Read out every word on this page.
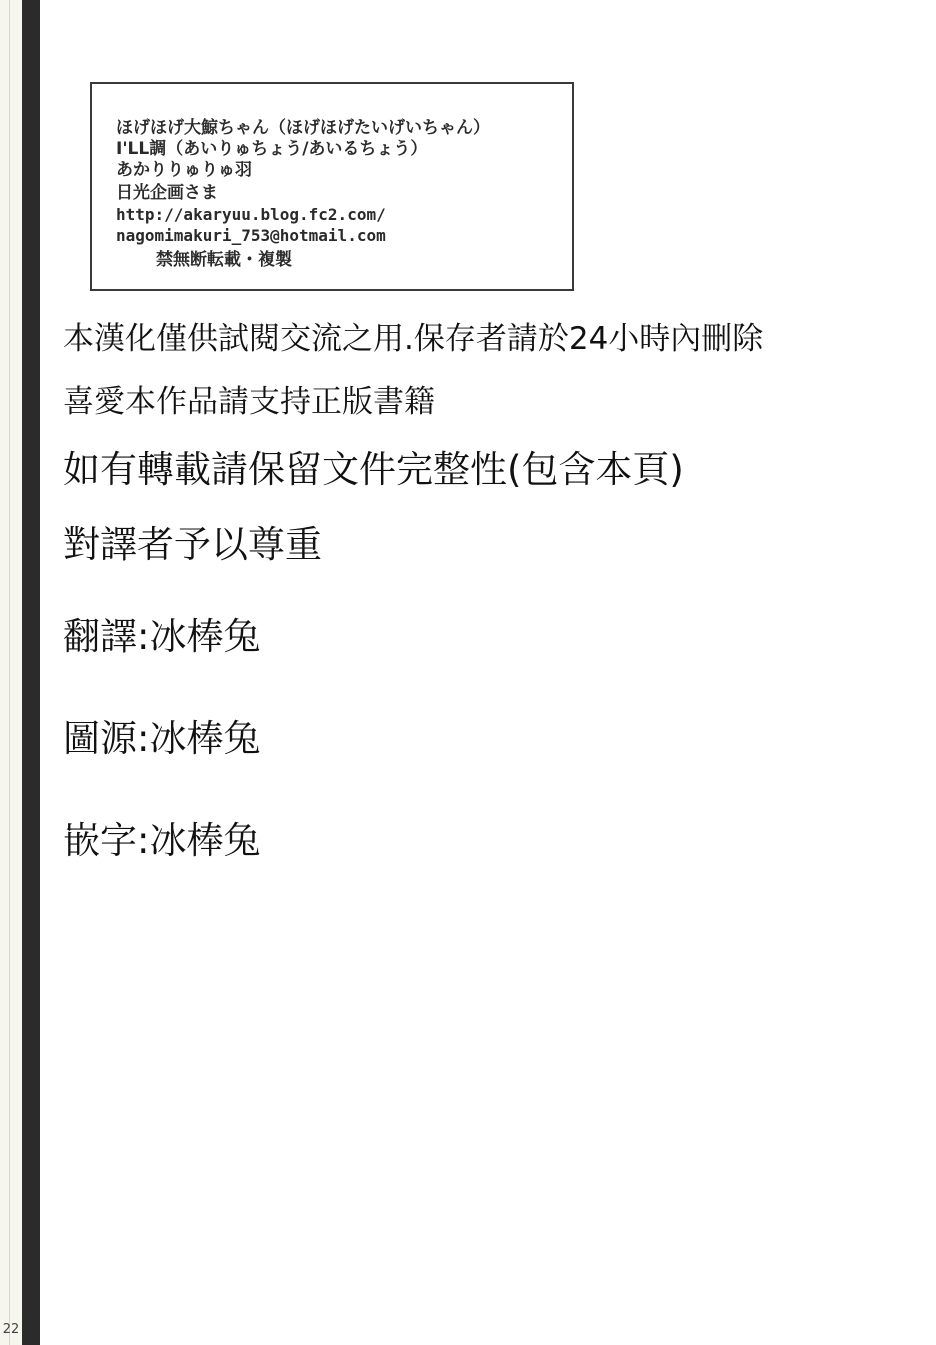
22
ほげほげ大鯨ちゃん（ほげほげたいげいちゃん）
I'LL調（あいりゅちょう/あいるちょう）
あかりりゅりゅ羽
日光企画さま
http://akaryuu.blog.fc2.com/
nagomimakuri_753@hotmail.com
禁無断転載・複製
本漢化僅供試閱交流之用.保存者請於24小時內刪除
喜愛本作品請支持正版書籍
如有轉載請保留文件完整性(包含本頁)
對譯者予以尊重
翻譯:冰棒兔
圖源:冰棒兔
嵌字:冰棒兔
